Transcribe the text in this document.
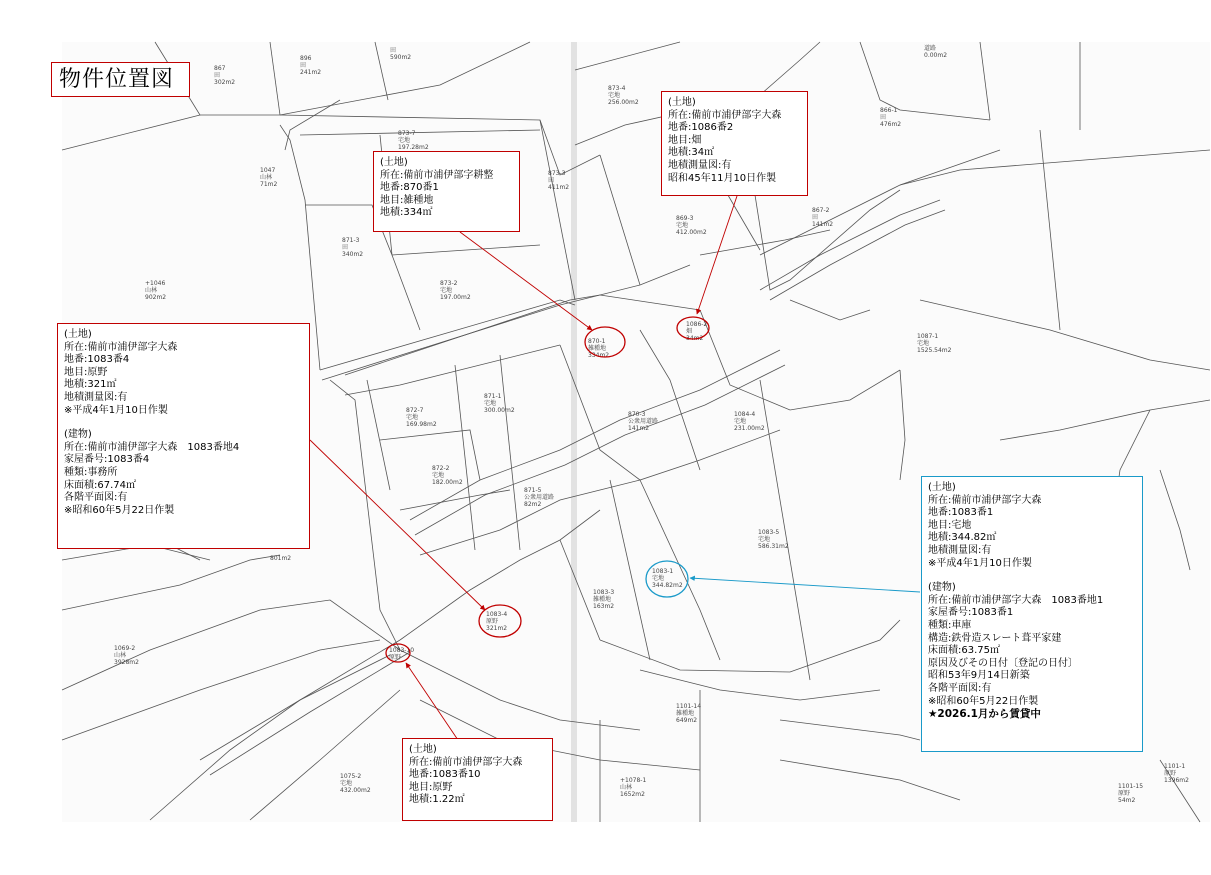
870-1 雑種地 334m2
1083-4 原野 321m2
1083-1 宅地 344.82m2
1086-2 畑 34m2
1083-10 原野
873-7 宅地 197.28m2
873-2 宅地 197.00m2
871-3 田 340m2
872-7 宅地 169.98m2
871-1 宅地 300.00m2
872-2 宅地 182.00m2
871-5 公衆用道路 82m2
870-3 公衆用道路 141m2
1084-4 宅地 231.00m2
1083-5 宅地 586.31m2
1083-3 雑種地 163m2
1087-1 宅地 1525.54m2
869-3 宅地 412.00m2
866-1 田 476m2
867-2 田 141m2
873-4 宅地 256.00m2
873-3 田 411m2
1047 山林 71m2
+1046 山林 902m2
1069-2 山林 3928m2
1075-2 宅地 432.00m2
1101-14 雑種地 649m2
+1078-1 山林 1652m2
1101-1 原野 1396m2
1101-15 原野 54m2
867 田 302m2
896 田 241m2
田 590m2
道路 0.00m2
801m2
物件位置図
(土地)
所在:備前市浦伊部字耕整
地番:870番1
地目:雑種地
地積:334㎡
(土地)
所在:備前市浦伊部字大森
地番:1086番2
地目:畑
地積:34㎡
地積測量図:有
昭和45年11月10日作製
(土地)
所在:備前市浦伊部字大森
地番:1083番4
地目:原野
地積:321㎡
地積測量図:有
※平成4年1月10日作製
(建物)
所在:備前市浦伊部字大森　1083番地4
家屋番号:1083番4
種類:事務所
床面積:67.74㎡
各階平面図:有
※昭和60年5月22日作製
(土地)
所在:備前市浦伊部字大森
地番:1083番1
地目:宅地
地積:344.82㎡
地積測量図:有
※平成4年1月10日作製
(建物)
所在:備前市浦伊部字大森　1083番地1
家屋番号:1083番1
種類:車庫
構造:鉄骨造スレート葺平家建
床面積:63.75㎡
原因及びその日付〔登記の日付〕
昭和53年9月14日新築
各階平面図:有
※昭和60年5月22日作製
★2026.1月から賃貸中
(土地)
所在:備前市浦伊部字大森
地番:1083番10
地目:原野
地積:1.22㎡
